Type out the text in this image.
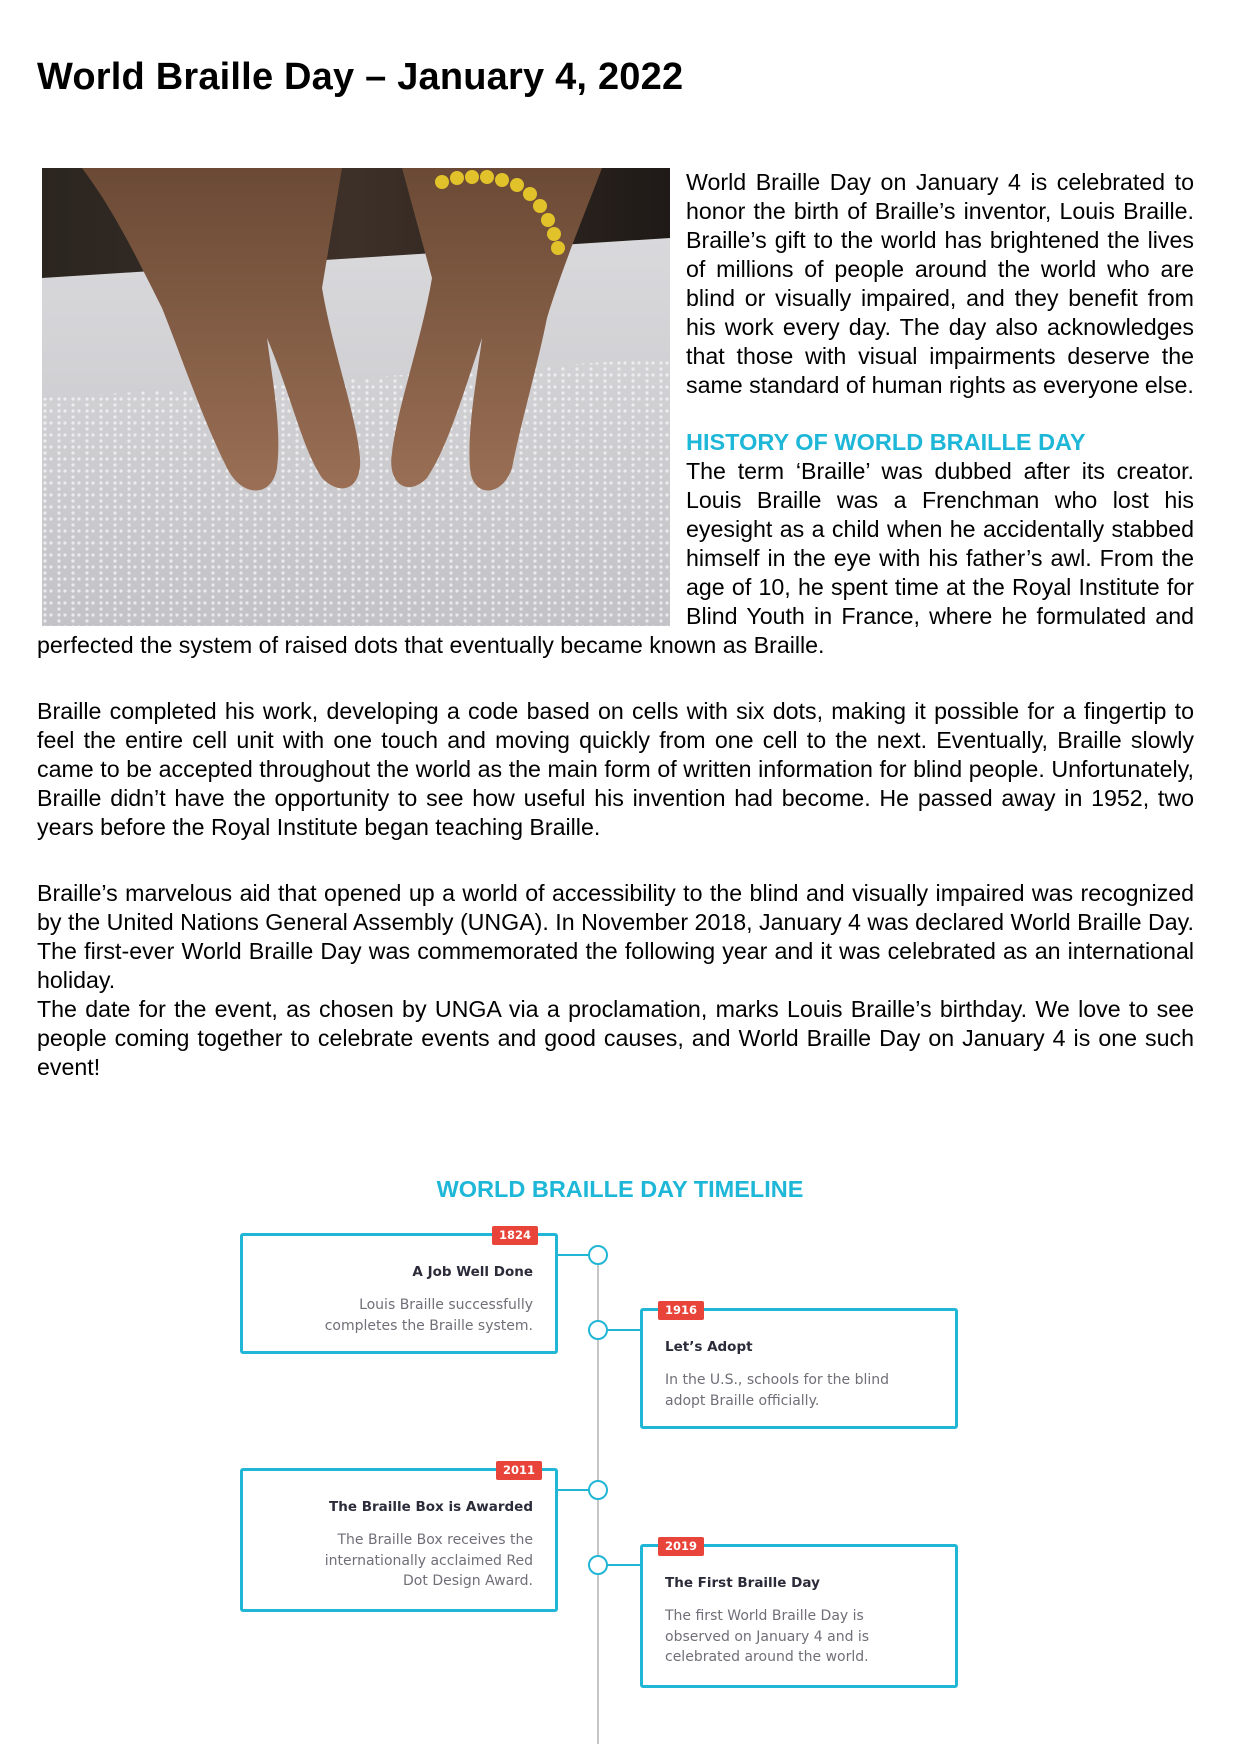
World Braille Day – January 4, 2022

World Braille Day on January 4 is celebrated to honor the birth of Braille’s inventor, Louis Braille. Braille’s gift to the world has brightened the lives of millions of people around the world who are blind or visually impaired, and they benefit from his work every day. The day also acknowledges that those with visual impairments deserve the same standard of human rights as everyone else.

HISTORY OF WORLD BRAILLE DAY

The term ‘Braille’ was dubbed after its creator. Louis Braille was a Frenchman who lost his eyesight as a child when he accidentally stabbed himself in the eye with his father’s awl. From the age of 10, he spent time at the Royal Institute for Blind Youth in France, where he formulated and perfected the system of raised dots that eventually became known as Braille.

Braille completed his work, developing a code based on cells with six dots, making it possible for a fingertip to feel the entire cell unit with one touch and moving quickly from one cell to the next. Eventually, Braille slowly came to be accepted throughout the world as the main form of written information for blind people. Unfortunately, Braille didn’t have the opportunity to see how useful his invention had become. He passed away in 1952, two years before the Royal Institute began teaching Braille.

Braille’s marvelous aid that opened up a world of accessibility to the blind and visually impaired was recognized by the United Nations General Assembly (UNGA). In November 2018, January 4 was declared World Braille Day. The first-ever World Braille Day was commemorated the following year and it was celebrated as an international holiday.

The date for the event, as chosen by UNGA via a proclamation, marks Louis Braille’s birthday. We love to see people coming together to celebrate events and good causes, and World Braille Day on January 4 is one such event!

WORLD BRAILLE DAY TIMELINE
A Job Well Done
Louis Braille successfully
completes the Braille system.
1824
Let’s Adopt
In the U.S., schools for the blind
adopt Braille officially.
1916
The Braille Box is Awarded
The Braille Box receives the
internationally acclaimed Red
Dot Design Award.
2011
The First Braille Day
The first World Braille Day is
observed on January 4 and is
celebrated around the world.
2019
